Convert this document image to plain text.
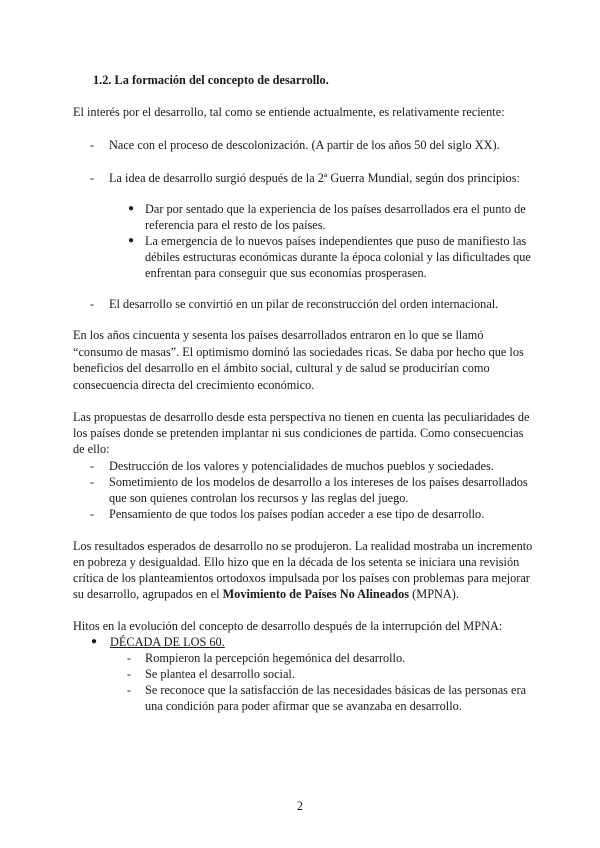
1.2. La formación del concepto de desarrollo.
El interés por el desarrollo, tal como se entiende actualmente, es relativamente reciente:
- Nace con el proceso de descolonización. (A partir de los años 50 del siglo XX).
- La idea de desarrollo surgió después de la 2ª Guerra Mundial, según dos principios:
● Dar por sentado que la experiencia de los países desarrollados era el punto de
referencia para el resto de los países.
● La emergencia de lo nuevos países independientes que puso de manifiesto las
débiles estructuras económicas durante la época colonial y las dificultades que
enfrentan para conseguir que sus economías prosperasen.
- El desarrollo se convirtió en un pilar de reconstrucción del orden internacional.
En los años cincuenta y sesenta los países desarrollados entraron en lo que se llamó
“consumo de masas”. El optimismo dominó las sociedades ricas. Se daba por hecho que los
beneficios del desarrollo en el ámbito social, cultural y de salud se producirían como
consecuencia directa del crecimiento económico.
Las propuestas de desarrollo desde esta perspectiva no tienen en cuenta las peculiaridades de
los países donde se pretenden implantar ni sus condiciones de partida. Como consecuencias
de ello:
- Destrucción de los valores y potencialidades de muchos pueblos y sociedades.
- Sometimiento de los modelos de desarrollo a los intereses de los países desarrollados
que son quienes controlan los recursos y las reglas del juego.
- Pensamiento de que todos los países podían acceder a ese tipo de desarrollo.
Los resultados esperados de desarrollo no se produjeron. La realidad mostraba un incremento
en pobreza y desigualdad. Ello hizo que en la década de los setenta se iniciara una revisión
crítica de los planteamientos ortodoxos impulsada por los países con problemas para mejorar
su desarrollo, agrupados en el Movimiento de Países No Alineados (MPNA).
Hitos en la evolución del concepto de desarrollo después de la interrupción del MPNA:
● DÉCADA DE LOS 60.
- Rompieron la percepción hegemónica del desarrollo.
- Se plantea el desarrollo social.
- Se reconoce que la satisfacción de las necesidades básicas de las personas era
una condición para poder afirmar que se avanzaba en desarrollo.
2
